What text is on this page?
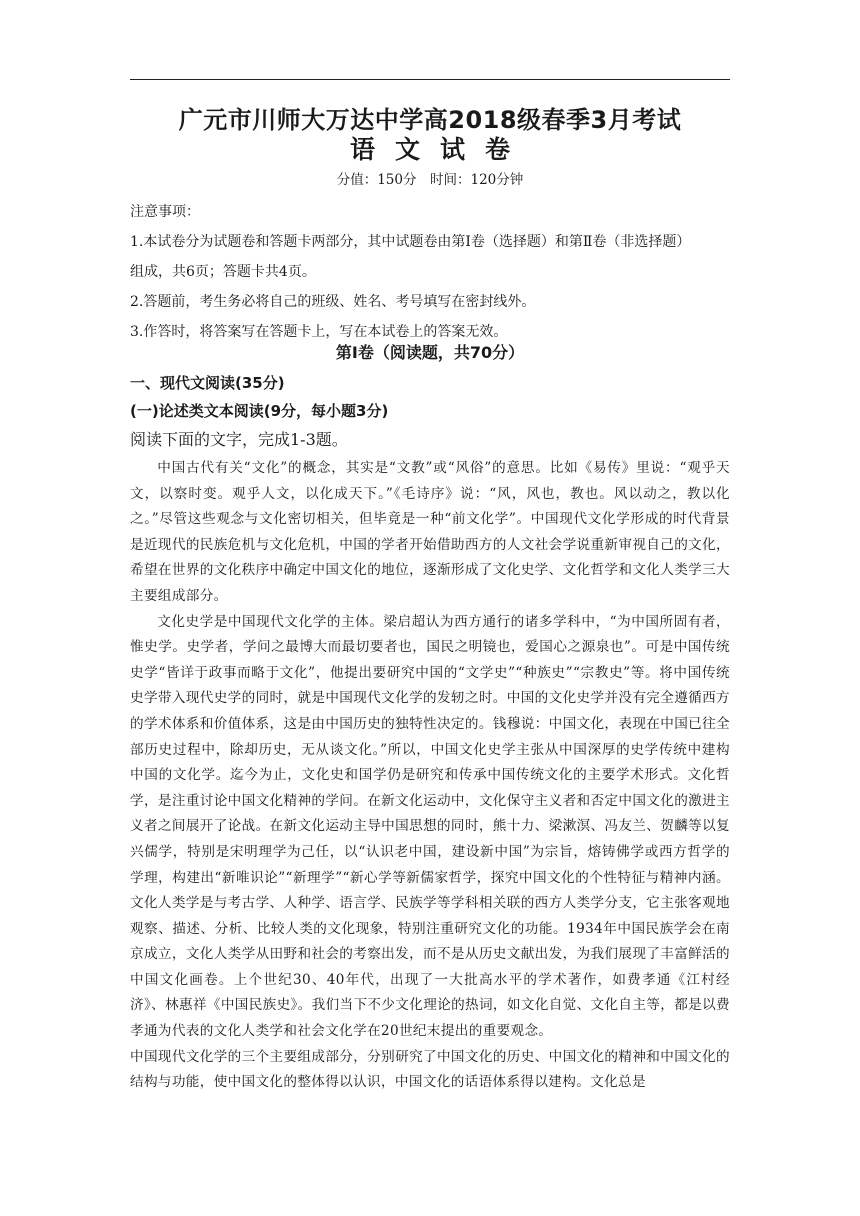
广元市川师大万达中学高2018级春季3月考试
语文试卷
分值：150分　时间：120分钟

注意事项：

1.本试卷分为试题卷和答题卡两部分，其中试题卷由第Ⅰ卷（选择题）和第Ⅱ卷（非选择题）

组成，共6页；答题卡共4页。

2.答题前，考生务必将自己的班级、姓名、考号填写在密封线外。

3.作答时，将答案写在答题卡上，写在本试卷上的答案无效。

第Ⅰ卷（阅读题，共70分）
一、现代文阅读(35分)
(一)论述类文本阅读(9分，每小题3分)
阅读下面的文字，完成1-3题。

中国古代有关“文化”的概念，其实是“文教”或“风俗”的意思。比如《易传》里说：“观乎天文，以察时变。观乎人文，以化成天下。”《毛诗序》说：“风，风也，教也。风以动之，教以化之。”尽管这些观念与文化密切相关，但毕竟是一种“前文化学”。中国现代文化学形成的时代背景是近现代的民族危机与文化危机，中国的学者开始借助西方的人文社会学说重新审视自己的文化，希望在世界的文化秩序中确定中国文化的地位，逐渐形成了文化史学、文化哲学和文化人类学三大主要组成部分。

文化史学是中国现代文化学的主体。梁启超认为西方通行的诸多学科中，“为中国所固有者，惟史学。史学者，学问之最博大而最切要者也，国民之明镜也，爱国心之源泉也”。可是中国传统史学“皆详于政事而略于文化”，他提出要研究中国的“文学史”“种族史”“宗教史”等。将中国传统史学带入现代史学的同时，就是中国现代文化学的发轫之时。中国的文化史学并没有完全遵循西方的学术体系和价值体系，这是由中国历史的独特性决定的。钱穆说：中国文化，表现在中国已往全部历史过程中，除却历史，无从谈文化。”所以，中国文化史学主张从中国深厚的史学传统中建构中国的文化学。迄今为止，文化史和国学仍是研究和传承中国传统文化的主要学术形式。文化哲学，是注重讨论中国文化精神的学问。在新文化运动中，文化保守主义者和否定中国文化的激进主义者之间展开了论战。在新文化运动主导中国思想的同时，熊十力、梁漱溟、冯友兰、贺麟等以复兴儒学，特别是宋明理学为己任，以“认识老中国，建设新中国”为宗旨，熔铸佛学或西方哲学的学理，构建出“新唯识论”“新理学”“新心学等新儒家哲学，探究中国文化的个性特征与精神内涵。文化人类学是与考古学、人种学、语言学、民族学等学科相关联的西方人类学分支，它主张客观地观察、描述、分析、比较人类的文化现象，特别注重研究文化的功能。1934年中国民族学会在南京成立，文化人类学从田野和社会的考察出发，而不是从历史文献出发，为我们展现了丰富鲜活的中国文化画卷。上个世纪30、40年代，出现了一大批高水平的学术著作，如费孝通《江村经济》、林惠祥《中国民族史》。我们当下不少文化理论的热词，如文化自觉、文化自主等，都是以费孝通为代表的文化人类学和社会文化学在20世纪末提出的重要观念。

中国现代文化学的三个主要组成部分，分别研究了中国文化的历史、中国文化的精神和中国文化的结构与功能，使中国文化的整体得以认识，中国文化的话语体系得以建构。文化总是
